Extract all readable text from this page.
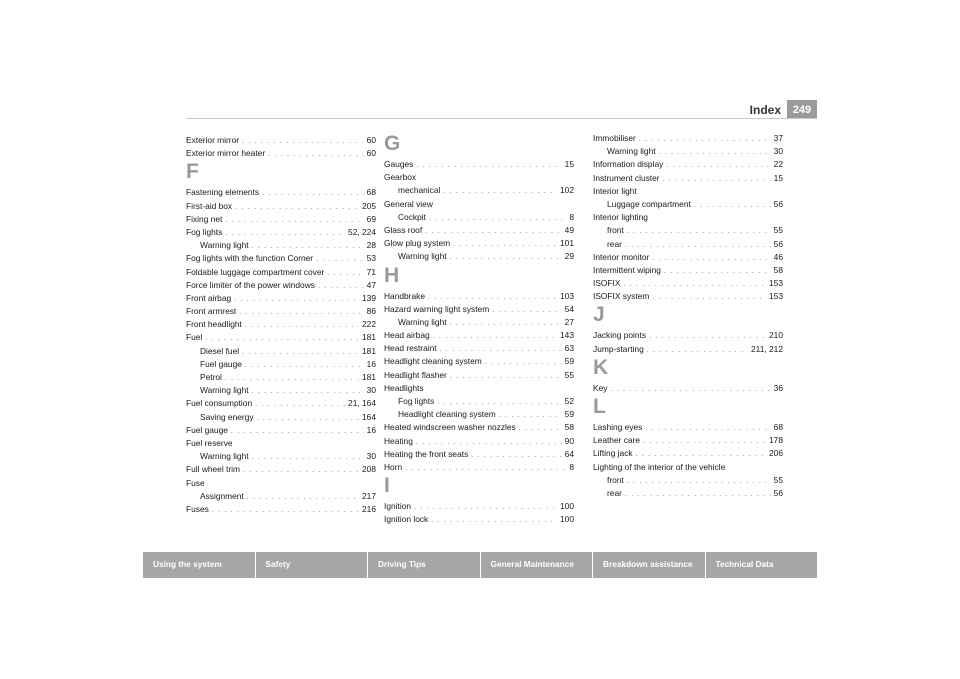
Index	249
Exterior mirror . . .	60
Exterior mirror heater . . .	60
F
Fastening elements . . .	68
First-aid box . . .	205
Fixing net . . .	69
Fog lights . . .	52, 224
Warning light . . .	28
Fog lights with the function Corner . . .	53
Foldable luggage compartment cover . . .	71
Force limiter of the power windows . . .	47
Front airbag . . .	139
Front armrest . . .	86
Front headlight . . .	222
Fuel . . .	181
Diesel fuel . . .	181
Fuel gauge . . .	16
Petrol . . .	181
Warning light . . .	30
Fuel consumption . . .	21, 164
Saving energy . . .	164
Fuel gauge . . .	16
Fuel reserve
Warning light . . .	30
Full wheel trim . . .	208
Fuse
Assignment . . .	217
Fuses . . .	216
G
Gauges . . .	15
Gearbox
mechanical . . .	102
General view
Cockpit . . .	8
Glass roof . . .	49
Glow plug system . . .	101
Warning light . . .	29
H
Handbrake . . .	103
Hazard warning light system . . .	54
Warning light . . .	27
Head airbag . . .	143
Head restraint . . .	63
Headlight cleaning system . . .	59
Headlight flasher . . .	55
Headlights
Fog lights . . .	52
Headlight cleaning system . . .	59
Heated windscreen washer nozzles . . .	58
Heating . . .	90
Heating the front seats . . .	64
Horn . . .	8
I
Ignition . . .	100
Ignition lock . . .	100
Immobiliser . . .	37
Warning light . . .	30
Information display . . .	22
Instrument cluster . . .	15
Interior light
Luggage compartment . . .	56
Interior lighting
front . . .	55
rear . . .	56
Interior monitor . . .	46
Intermittent wiping . . .	58
ISOFIX . . .	153
ISOFIX system . . .	153
J
Jacking points . . .	210
Jump-starting . . .	211, 212
K
Key . . .	36
L
Lashing eyes . . .	68
Leather care . . .	178
Lifting jack . . .	206
Lighting of the interior of the vehicle
front . . .	55
rear . . .	56
Using the system	Safety	Driving Tips	General Maintenance	Breakdown assistance	Technical Data
